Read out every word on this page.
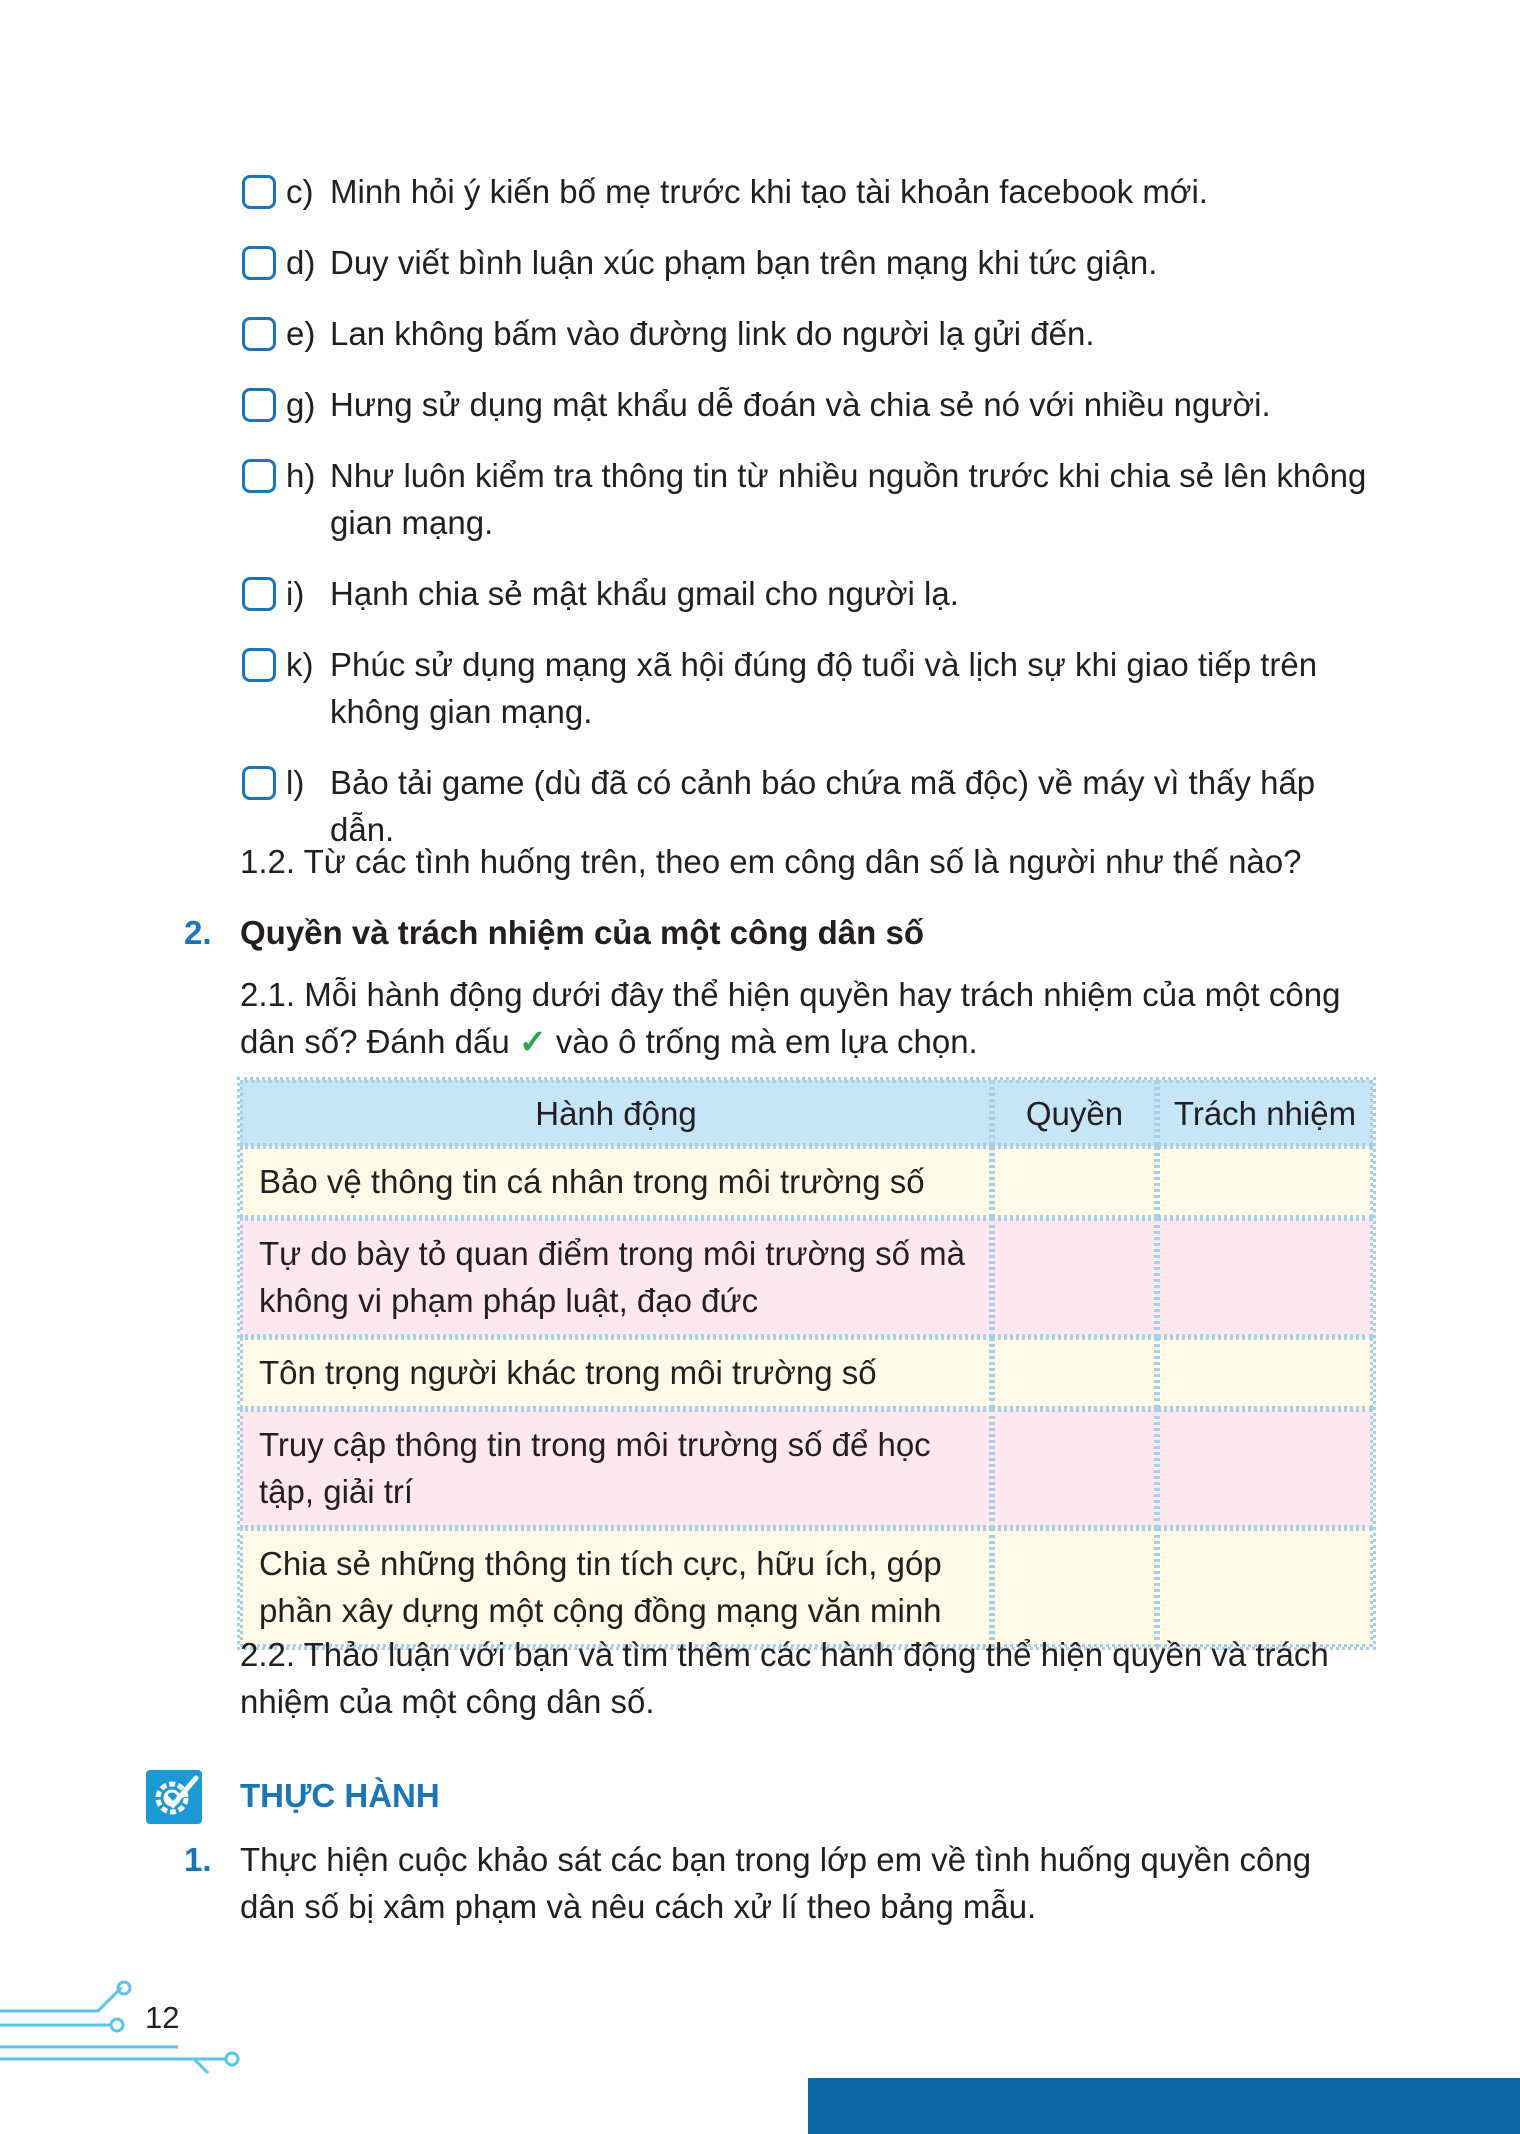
c) Minh hỏi ý kiến bố mẹ trước khi tạo tài khoản facebook mới.
d) Duy viết bình luận xúc phạm bạn trên mạng khi tức giận.
e) Lan không bấm vào đường link do người lạ gửi đến.
g) Hưng sử dụng mật khẩu dễ đoán và chia sẻ nó với nhiều người.
h) Như luôn kiểm tra thông tin từ nhiều nguồn trước khi chia sẻ lên không gian mạng.
i) Hạnh chia sẻ mật khẩu gmail cho người lạ.
k) Phúc sử dụng mạng xã hội đúng độ tuổi và lịch sự khi giao tiếp trên không gian mạng.
l) Bảo tải game (dù đã có cảnh báo chứa mã độc) về máy vì thấy hấp dẫn.
1.2. Từ các tình huống trên, theo em công dân số là người như thế nào?
2. Quyền và trách nhiệm của một công dân số
2.1. Mỗi hành động dưới đây thể hiện quyền hay trách nhiệm của một công dân số? Đánh dấu ✓ vào ô trống mà em lựa chọn.
Hành động	Quyền	Trách nhiệm
Bảo vệ thông tin cá nhân trong môi trường số		
Tự do bày tỏ quan điểm trong môi trường số mà không vi phạm pháp luật, đạo đức		
Tôn trọng người khác trong môi trường số		
Truy cập thông tin trong môi trường số để học tập, giải trí		
Chia sẻ những thông tin tích cực, hữu ích, góp phần xây dựng một cộng đồng mạng văn minh		
2.2. Thảo luận với bạn và tìm thêm các hành động thể hiện quyền và trách nhiệm của một công dân số.
THỰC HÀNH
1. Thực hiện cuộc khảo sát các bạn trong lớp em về tình huống quyền công dân số bị xâm phạm và nêu cách xử lí theo bảng mẫu.
12
